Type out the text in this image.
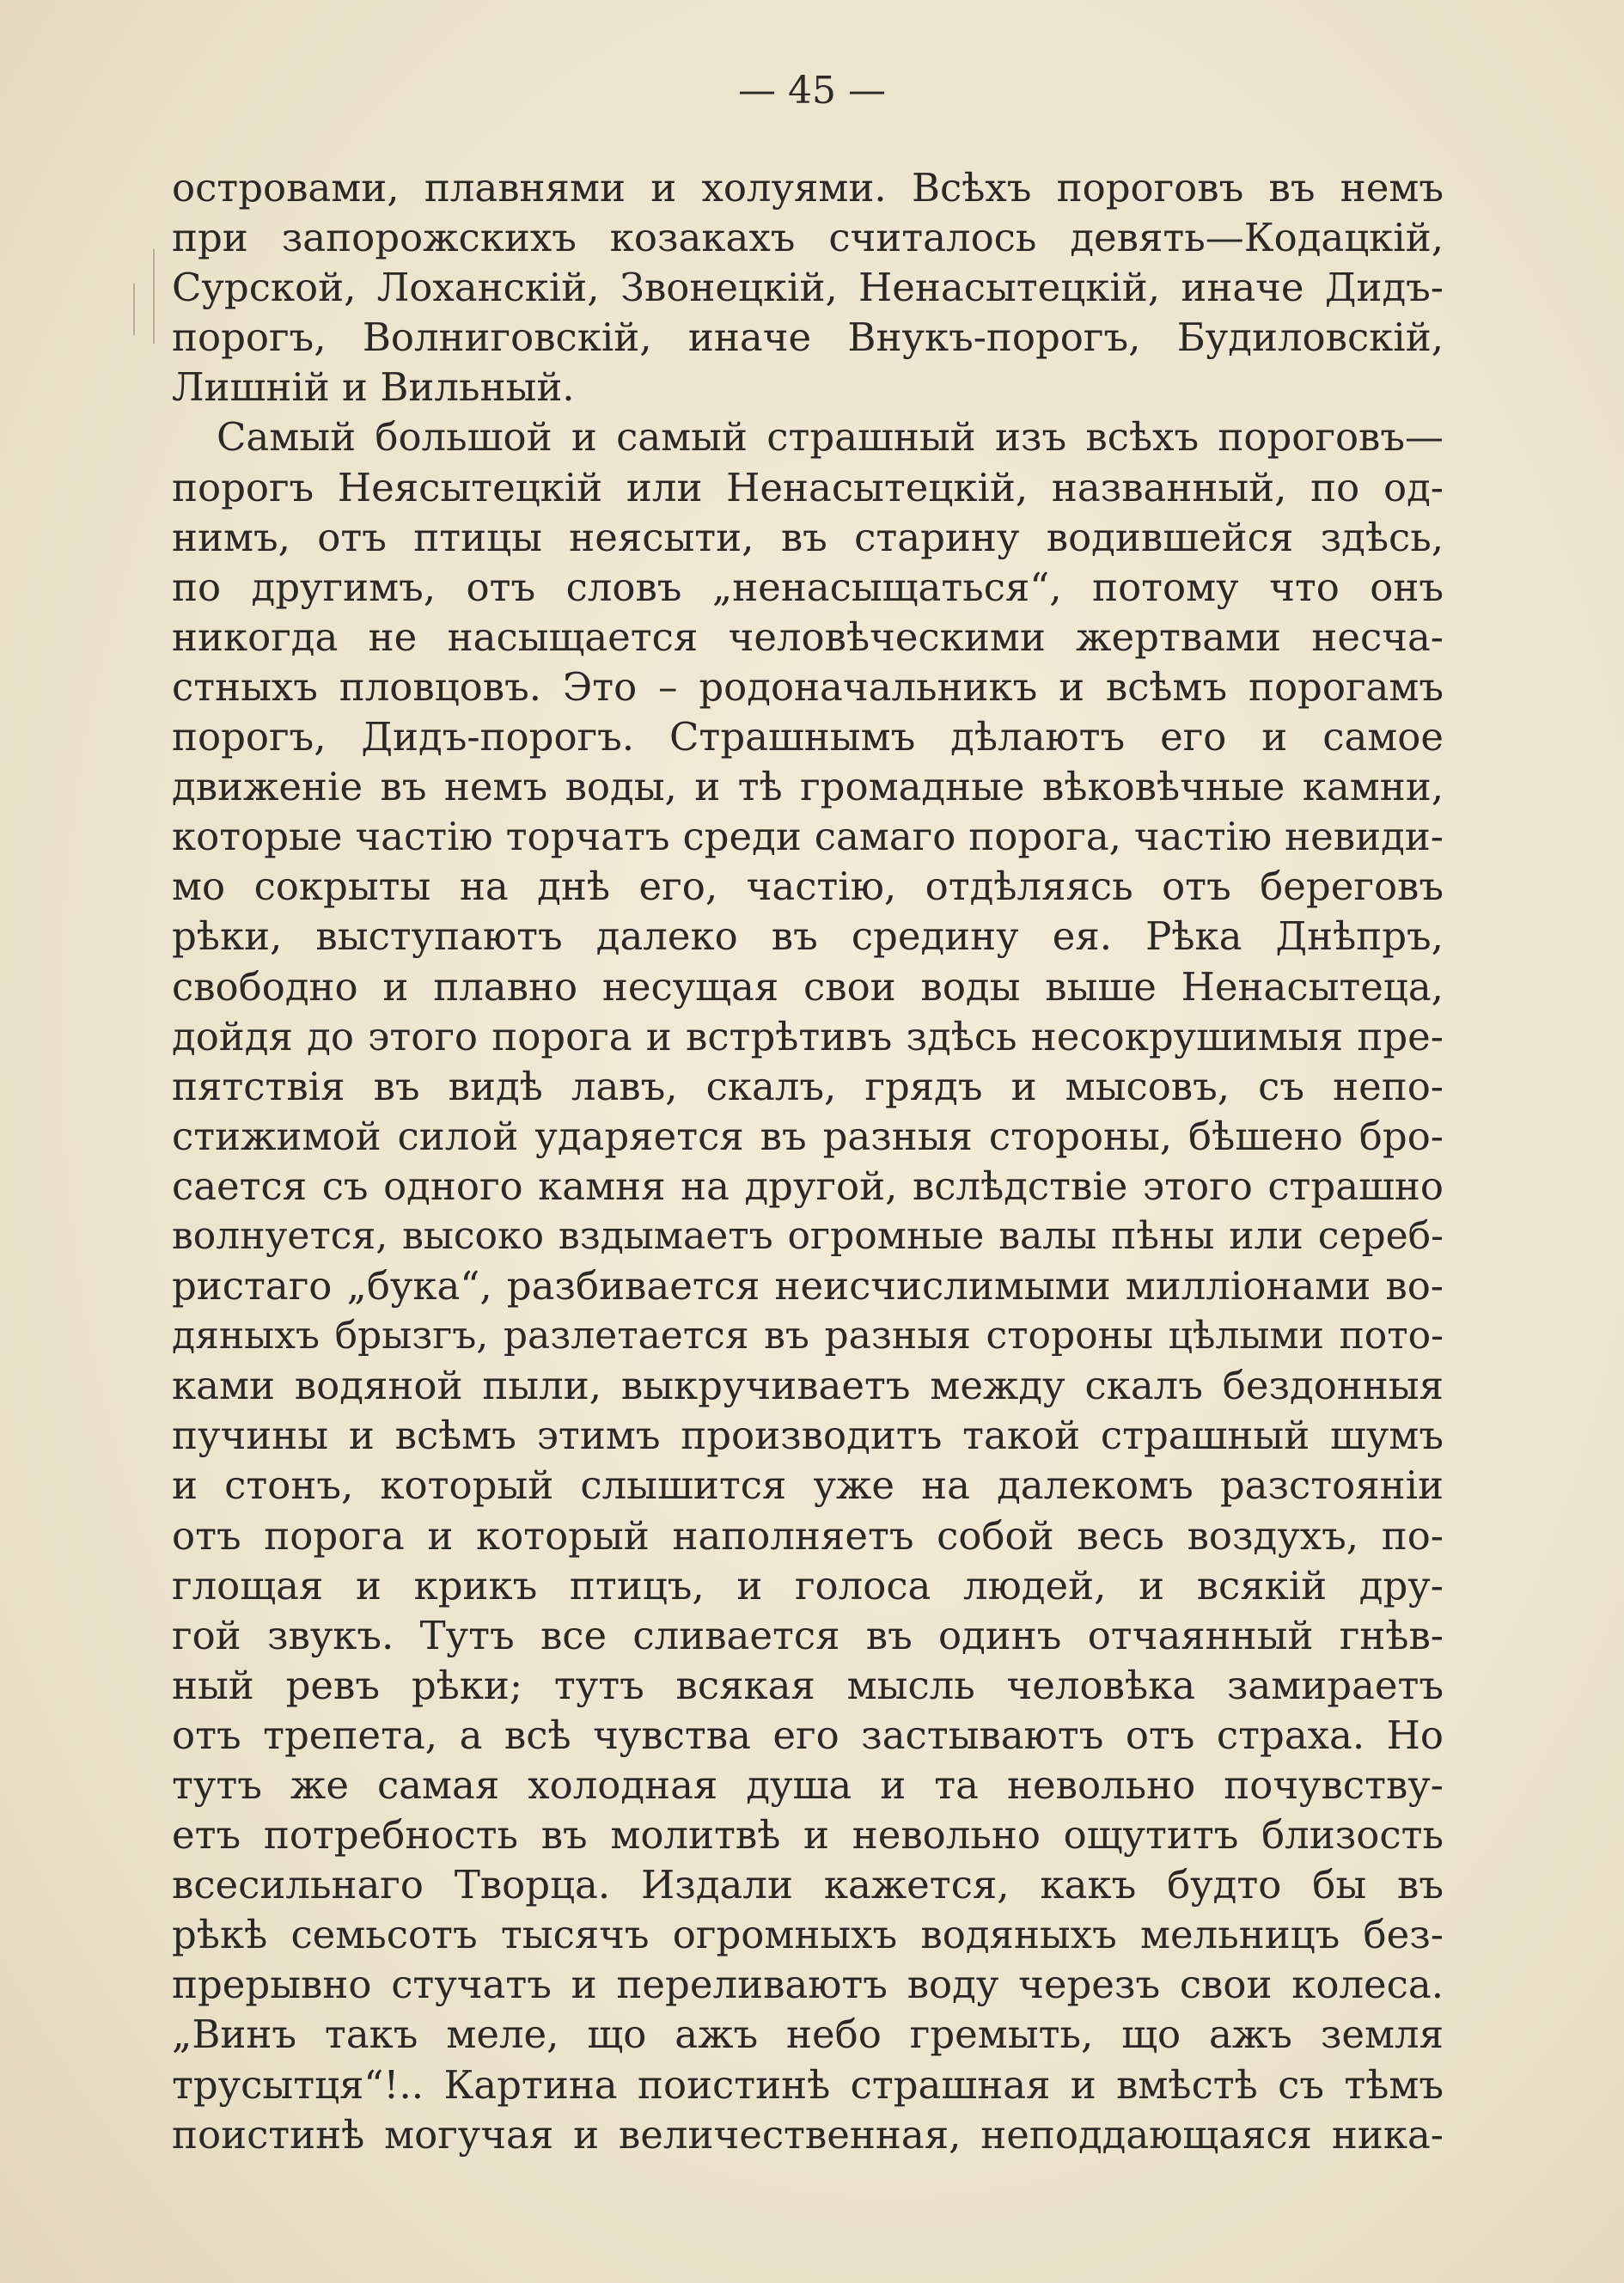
— 45 —
островами, плавнями и холуями. Всѣхъ пороговъ въ немъ
при запорожскихъ козакахъ считалось девять—Кодацкій,
Сурской, Лоханскій, Звонецкій, Ненасытецкій, иначе Дидъ-
порогъ, Волниговскій, иначе Внукъ-порогъ, Будиловскій,
Лишній и Вильный.
Самый большой и самый страшный изъ всѣхъ пороговъ—
порогъ Неясытецкій или Ненасытецкій, названный, по од-
нимъ, отъ птицы неясыти, въ старину водившейся здѣсь,
по другимъ, отъ словъ „ненасыщаться“, потому что онъ
никогда не насыщается человѣческими жертвами несча-
стныхъ пловцовъ. Это – родоначальникъ и всѣмъ порогамъ
порогъ, Дидъ-порогъ. Страшнымъ дѣлаютъ его и самое
движеніе въ немъ воды, и тѣ громадные вѣковѣчные камни,
которые частію торчатъ среди самаго порога, частію невиди-
мо сокрыты на днѣ его, частію, отдѣляясь отъ береговъ
рѣки, выступаютъ далеко въ средину ея. Рѣка Днѣпръ,
свободно и плавно несущая свои воды выше Ненасытеца,
дойдя до этого порога и встрѣтивъ здѣсь несокрушимыя пре-
пятствія въ видѣ лавъ, скалъ, грядъ и мысовъ, съ непо-
стижимой силой ударяется въ разныя стороны, бѣшено бро-
сается съ одного камня на другой, вслѣдствіе этого страшно
волнуется, высоко вздымаетъ огромные валы пѣны или сереб-
ристаго „бука“, разбивается неисчислимыми милліонами во-
дяныхъ брызгъ, разлетается въ разныя стороны цѣлыми пото-
ками водяной пыли, выкручиваетъ между скалъ бездонныя
пучины и всѣмъ этимъ производитъ такой страшный шумъ
и стонъ, который слышится уже на далекомъ разстояніи
отъ порога и который наполняетъ собой весь воздухъ, по-
глощая и крикъ птицъ, и голоса людей, и всякій дру-
гой звукъ. Тутъ все сливается въ одинъ отчаянный гнѣв-
ный ревъ рѣки; тутъ всякая мысль человѣка замираетъ
отъ трепета, а всѣ чувства его застываютъ отъ страха. Но
тутъ же самая холодная душа и та невольно почувству-
етъ потребность въ молитвѣ и невольно ощутитъ близость
всесильнаго Творца. Издали кажется, какъ будто бы въ
рѣкѣ семьсотъ тысячъ огромныхъ водяныхъ мельницъ без-
прерывно стучатъ и переливаютъ воду черезъ свои колеса.
„Винъ такъ меле, що ажъ небо гремыть, що ажъ земля
трусытця“!.. Картина поистинѣ страшная и вмѣстѣ съ тѣмъ
поистинѣ могучая и величественная, неподдающаяся ника-
